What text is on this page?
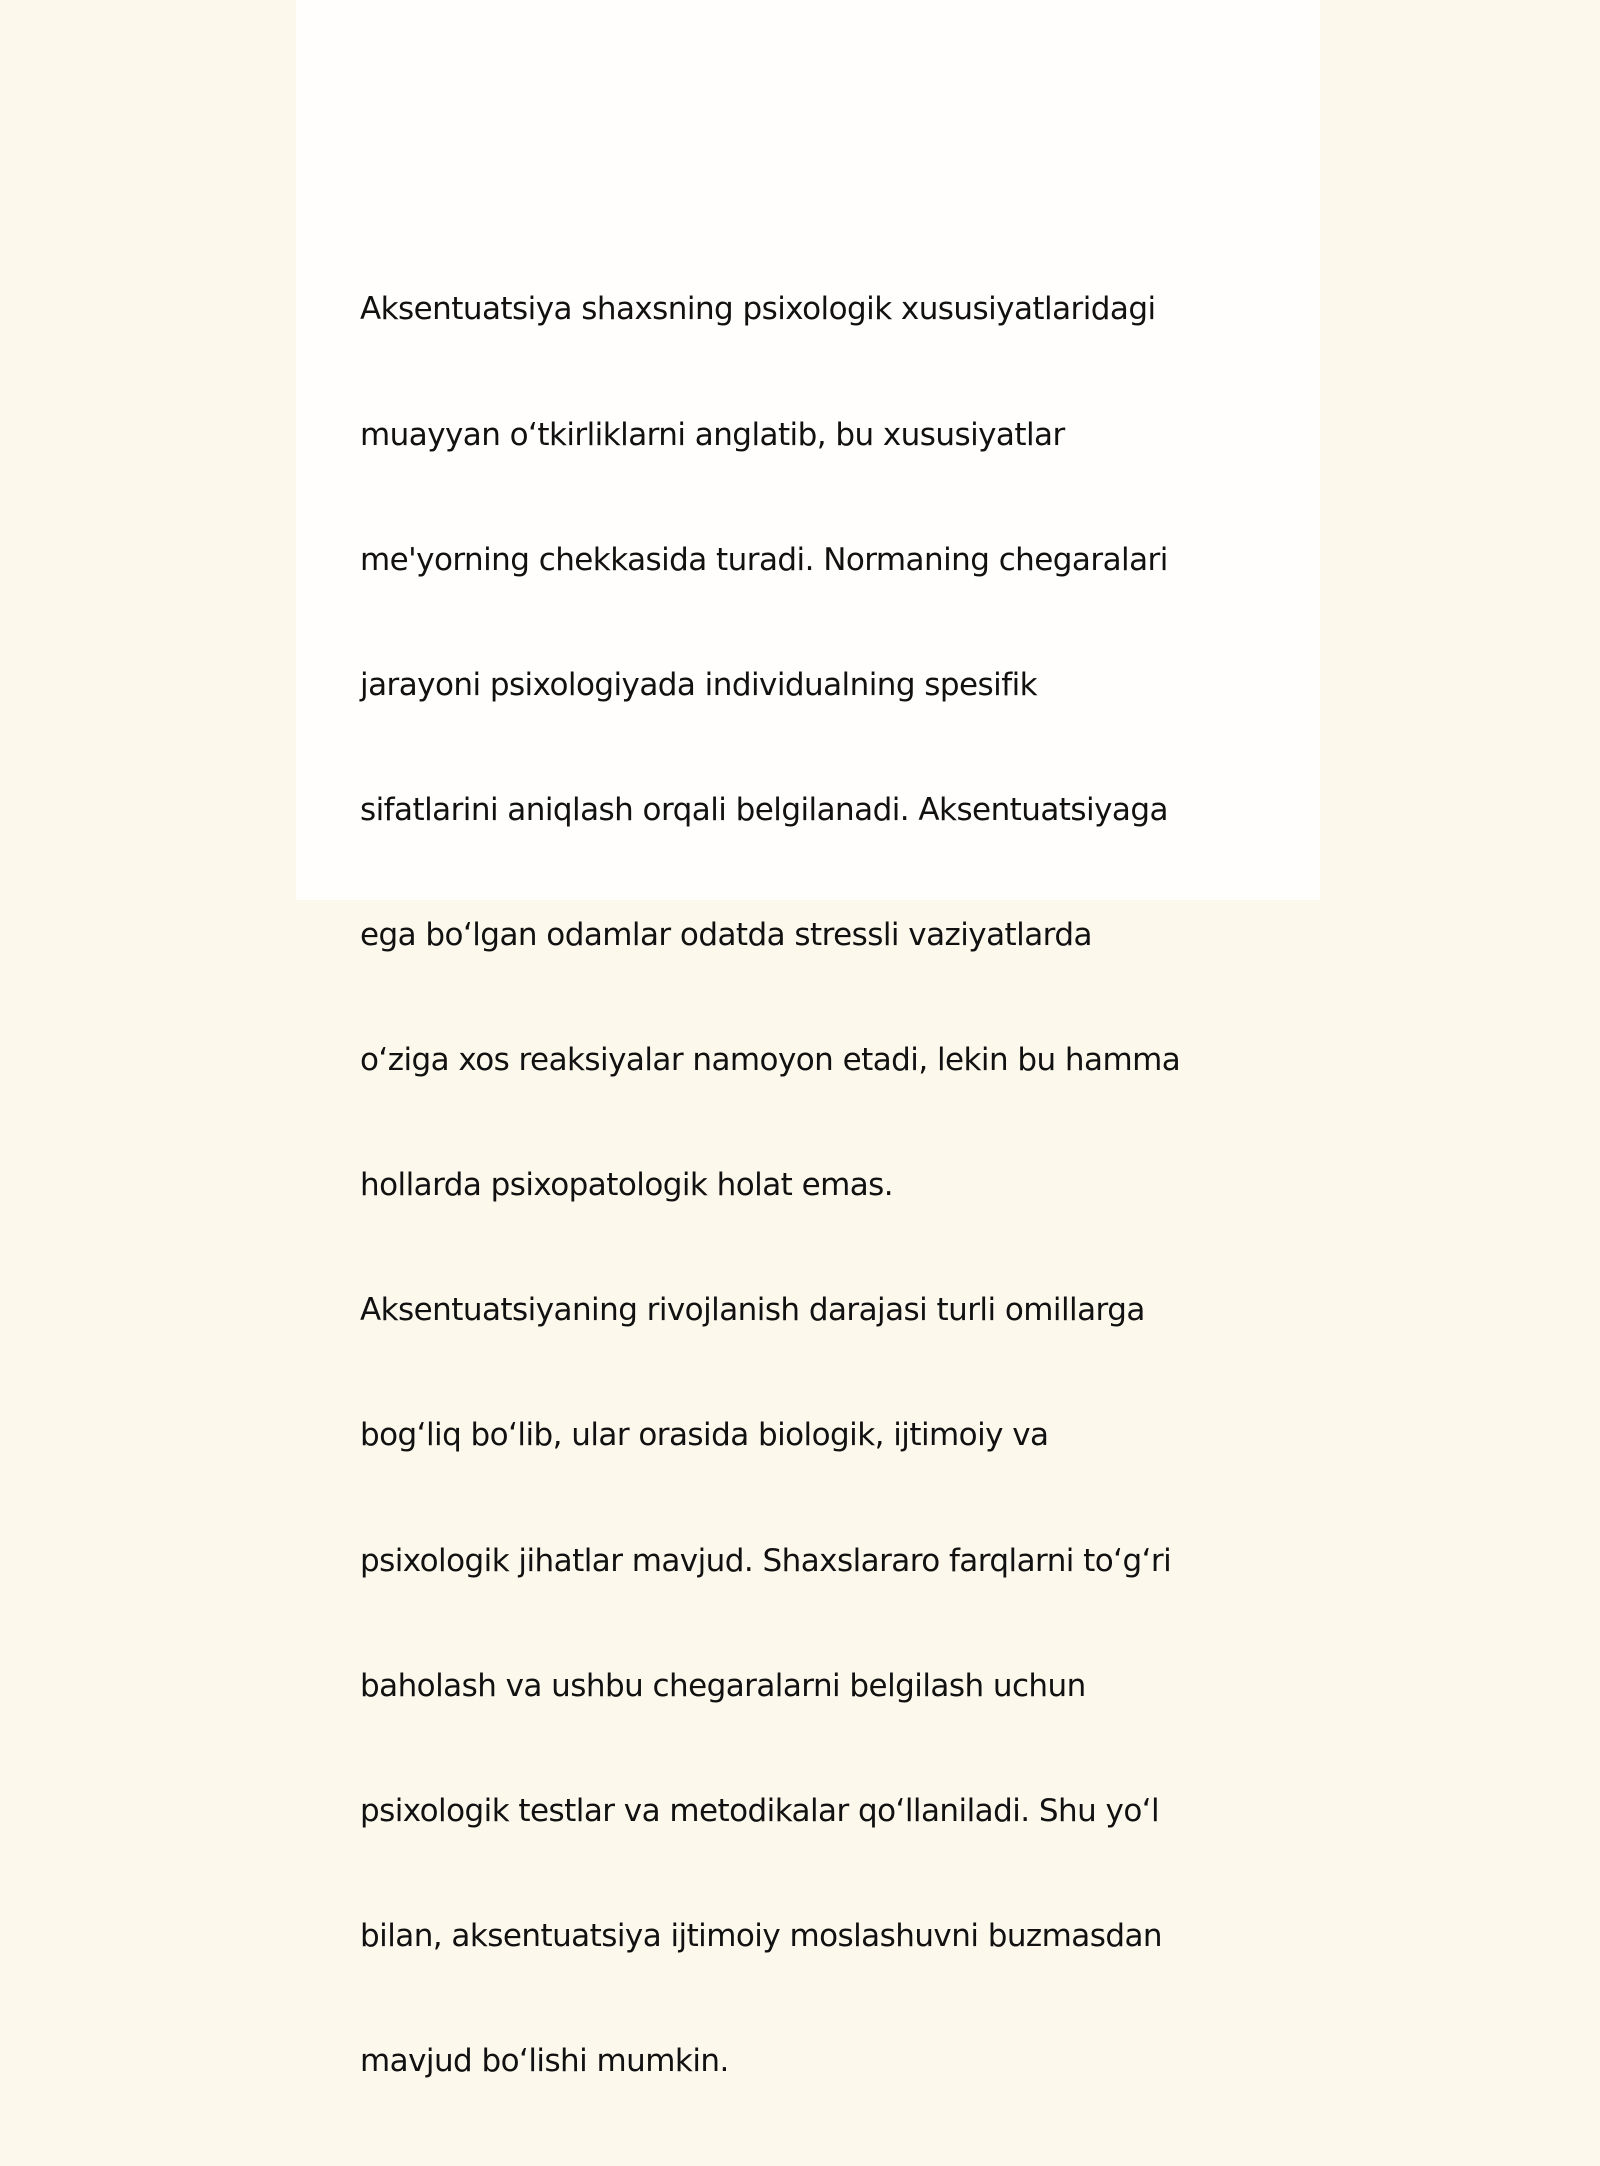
Aksentuatsiya shaxsning psixologik xususiyatlaridagi

muayyan oʻtkirliklarni anglatib, bu xususiyatlar

me'yorning chekkasida turadi. Normaning chegaralari

jarayoni psixologiyada individualning spesifik

sifatlarini aniqlash orqali belgilanadi. Aksentuatsiyaga

ega boʻlgan odamlar odatda stressli vaziyatlarda

oʻziga xos reaksiyalar namoyon etadi, lekin bu hamma

hollarda psixopatologik holat emas.

Aksentuatsiyaning rivojlanish darajasi turli omillarga

bogʻliq boʻlib, ular orasida biologik, ijtimoiy va

psixologik jihatlar mavjud. Shaxslararo farqlarni toʻgʻri

baholash va ushbu chegaralarni belgilash uchun

psixologik testlar va metodikalar qoʻllaniladi. Shu yoʻl

bilan, aksentuatsiya ijtimoiy moslashuvni buzmasdan

mavjud boʻlishi mumkin.
